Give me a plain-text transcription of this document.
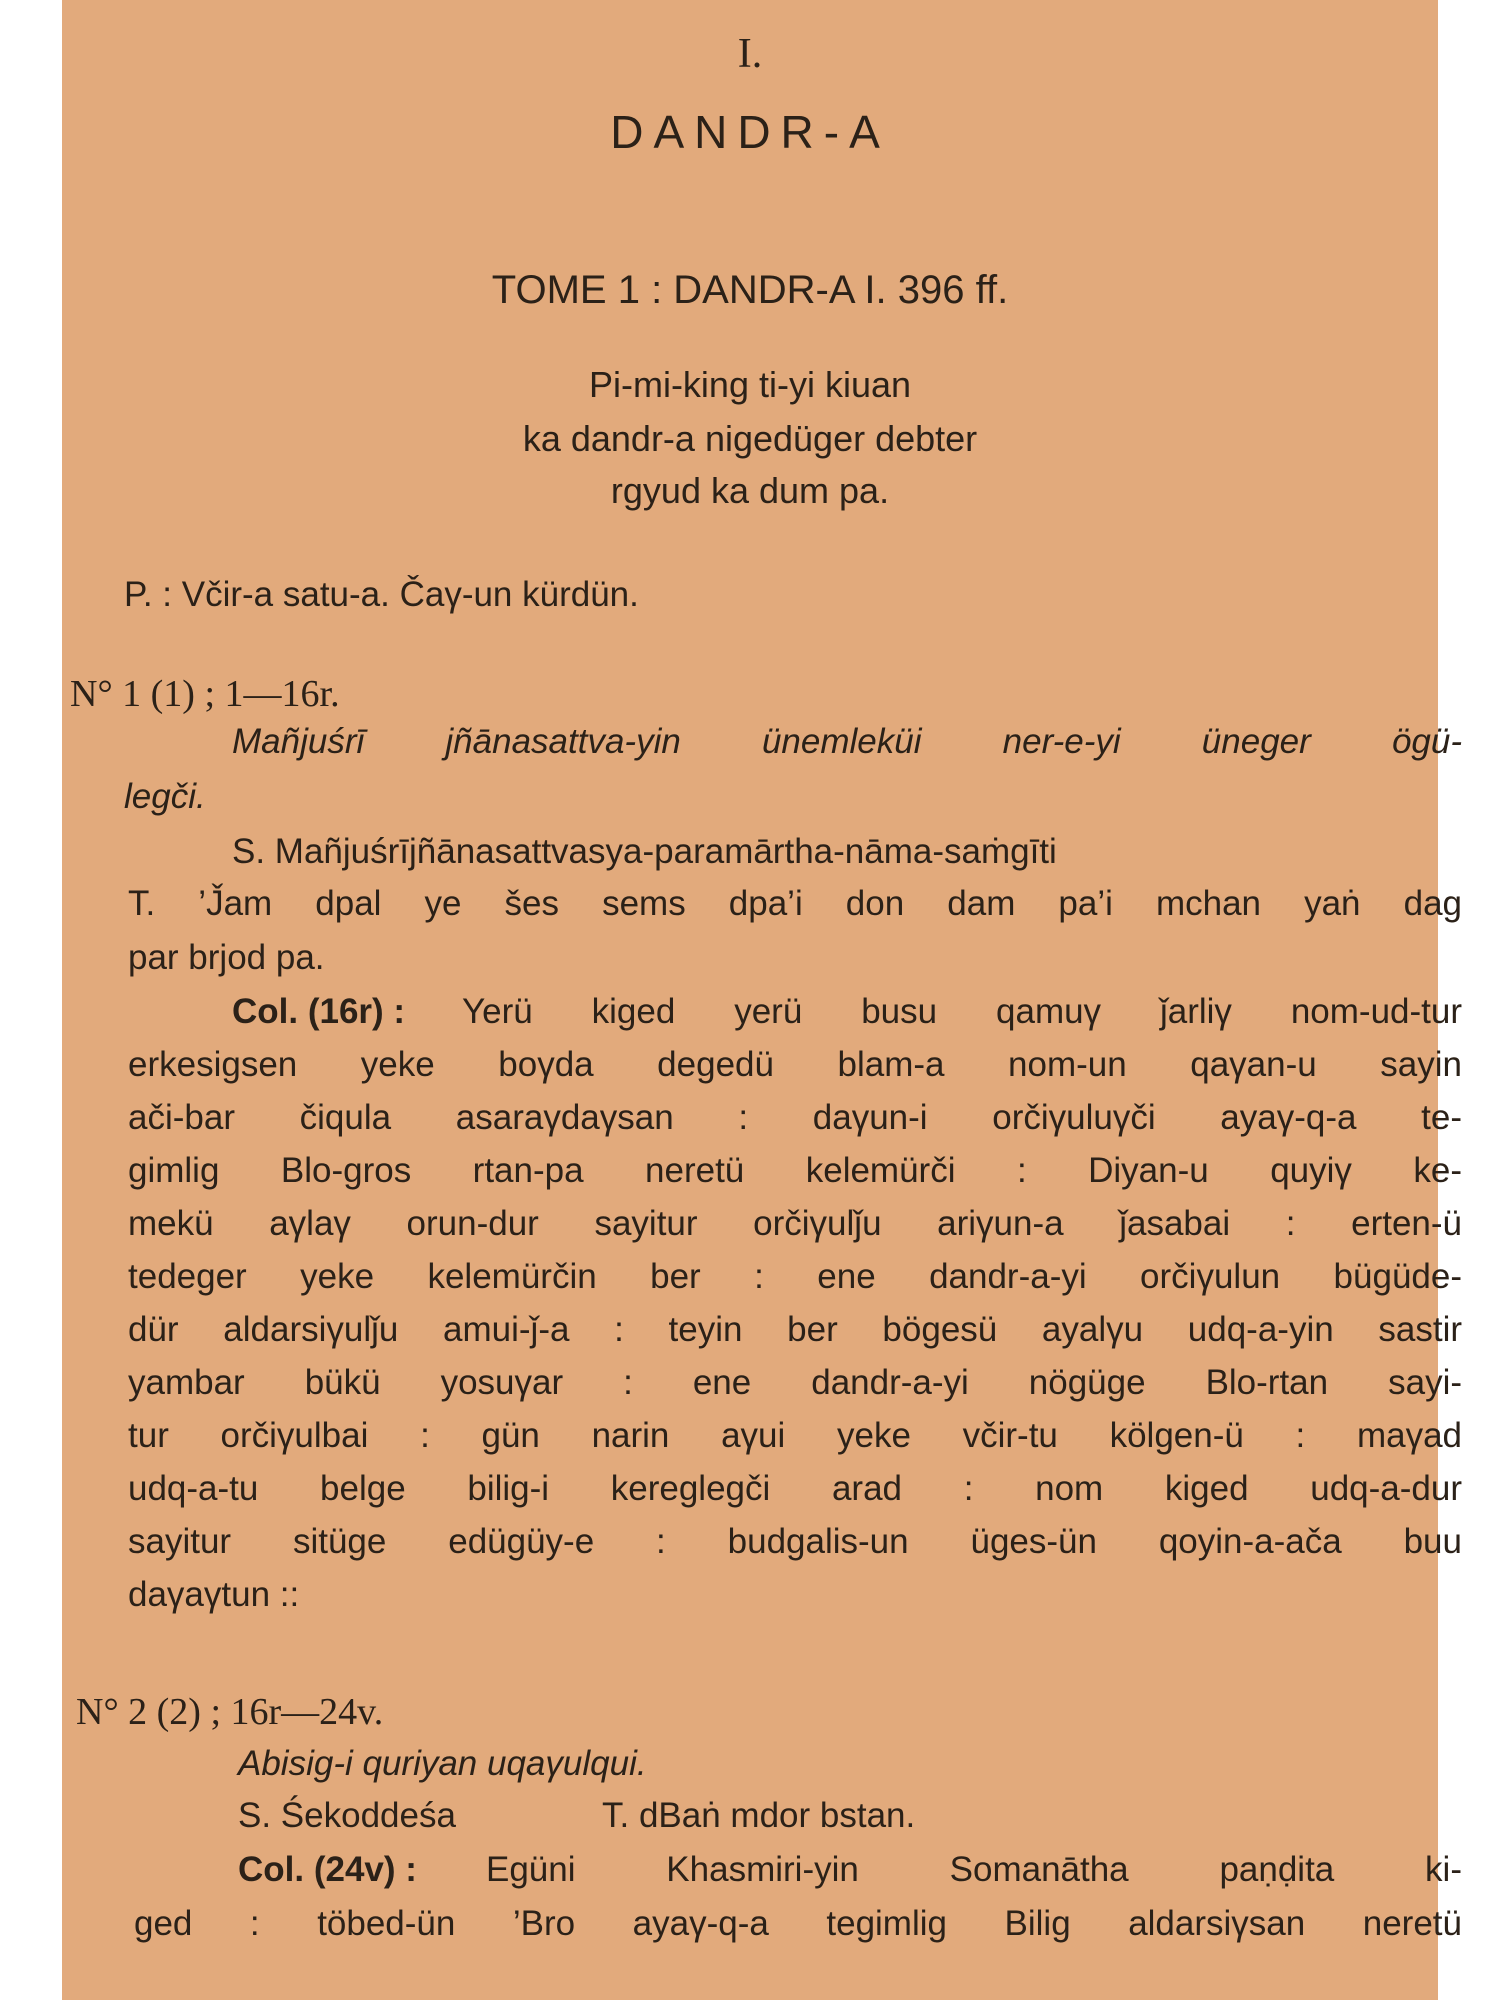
I.
DANDR-A
TOME 1 : DANDR-A I. 396 ff.
Pi-mi-king ti-yi kiuan
ka dandr-a nigedüger debter
rgyud ka dum pa.
P. : Včir-a satu-a. Čaγ-un kürdün.
N° 1 (1) ; 1—16r.
Mañjuśrī jñānasattva-yin ünemleküi ner-e-yi üneger ögü-
legči.
S. Mañjuśrījñānasattvasya-paramārtha-nāma-saṁgīti
T. ’J̌am dpal ye šes sems dpa’i don dam pa’i mchan yaṅ dag
par brjod pa.
Col. (16r) : Yerü kiged yerü busu qamuγ ǰarliγ nom-ud-tur
erkesigsen yeke boγda degedü blam-a nom-un qaγan-u sayin
ači-bar čiqula asaraγdaγsan : daγun-i orčiγuluγči ayaγ-q-a te-
gimlig Blo-gros rtan-pa neretü kelemürči : Diyan-u quyiγ ke-
mekü aγlaγ orun-dur sayitur orčiγulǰu ariγun-a ǰasabai : erten-ü
tedeger yeke kelemürčin ber : ene dandr-a-yi orčiγulun bügüde-
dür aldarsiγulǰu amui-ǰ-a : teyin ber bögesü ayalγu udq-a-yin sastir
yambar bükü yosuγar : ene dandr-a-yi nögüge Blo-rtan sayi-
tur orčiγulbai : gün narin aγui yeke včir-tu kölgen-ü : maγad
udq-a-tu belge bilig-i kereglegči arad : nom kiged udq-a-dur
sayitur sitüge edügüy-e : budgalis-un üges-ün qoyin-a-ača buu
daγaγtun ::
N° 2 (2) ; 16r—24v.
Abisig-i quriyan uqaγulqui.
S. Śekoddeśa	T. dBaṅ mdor bstan.
Col. (24v) : Egüni Khasmiri-yin Somanātha paṇḍita ki-
ged : töbed-ün ’Bro ayaγ-q-a tegimlig Bilig aldarsiγsan neretü
